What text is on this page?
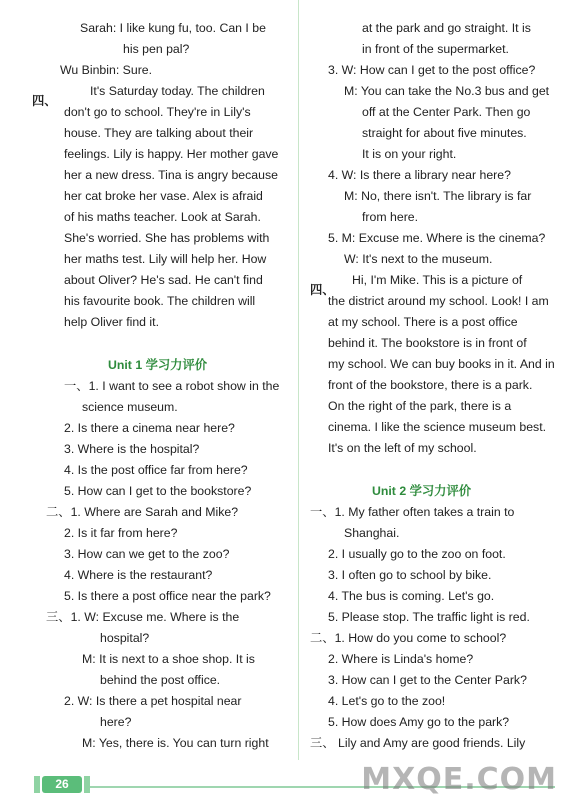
四、
Unit 1 学习力评价
Sarah: I like kung fu, too. Can I be
his pen pal?
Wu Binbin: Sure.
It's Saturday today. The children
don't go to school. They're in Lily's
house. They are talking about their
feelings. Lily is happy. Her mother gave
her a new dress. Tina is angry because
her cat broke her vase. Alex is afraid
of his maths teacher. Look at Sarah.
She's worried. She has problems with
her maths test. Lily will help her. How
about Oliver? He's sad. He can't find
his favourite book. The children will
help Oliver find it.
一、1. I want to see a robot show in the
science museum.
2. Is there a cinema near here?
3. Where is the hospital?
4. Is the post office far from here?
5. How can I get to the bookstore?
二、1. Where are Sarah and Mike?
2. Is it far from here?
3. How can we get to the zoo?
4. Where is the restaurant?
5. Is there a post office near the park?
三、1. W: Excuse me. Where is the
hospital?
M: It is next to a shoe shop. It is
behind the post office.
2. W: Is there a pet hospital near
here?
M: Yes, there is. You can turn right
四、
Unit 2 学习力评价
at the park and go straight. It is
in front of the supermarket.
3. W: How can I get to the post office?
M: You can take the No.3 bus and get
off at the Center Park. Then go
straight for about five minutes.
It is on your right.
4. W: Is there a library near here?
M: No, there isn't. The library is far
from here.
5. M: Excuse me. Where is the cinema?
W: It's next to the museum.
Hi, I'm Mike. This is a picture of
the district around my school. Look! I am
at my school. There is a post office
behind it. The bookstore is in front of
my school. We can buy books in it. And in
front of the bookstore, there is a park.
On the right of the park, there is a
cinema. I like the science museum best.
It's on the left of my school.
一、1. My father often takes a train to
Shanghai.
2. I usually go to the zoo on foot.
3. I often go to school by bike.
4. The bus is coming. Let's go.
5. Please stop. The traffic light is red.
二、1. How do you come to school?
2. Where is Linda's home?
3. How can I get to the Center Park?
4. Let's go to the zoo!
5. How does Amy go to the park?
三、 Lily and Amy are good friends. Lily
26	MXQE.COM
